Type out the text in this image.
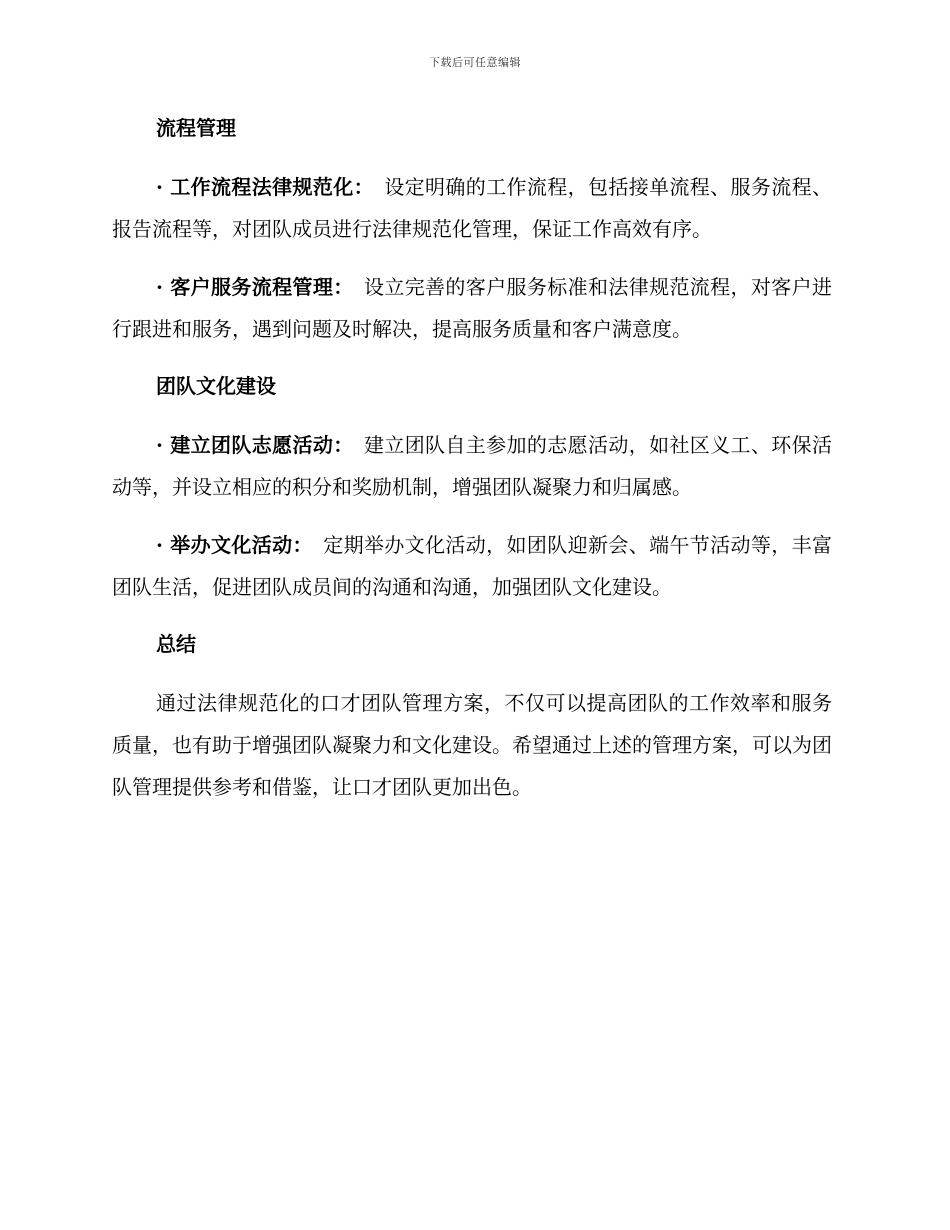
下载后可任意编辑
流程管理

· 工作流程法律规范化： 设定明确的工作流程，包括接单流程、服务流程、报告流程等，对团队成员进行法律规范化管理，保证工作高效有序。

· 客户服务流程管理： 设立完善的客户服务标准和法律规范流程，对客户进行跟进和服务，遇到问题及时解决，提高服务质量和客户满意度。

团队文化建设

· 建立团队志愿活动： 建立团队自主参加的志愿活动，如社区义工、环保活动等，并设立相应的积分和奖励机制，增强团队凝聚力和归属感。

· 举办文化活动： 定期举办文化活动，如团队迎新会、端午节活动等，丰富团队生活，促进团队成员间的沟通和沟通，加强团队文化建设。

总结

通过法律规范化的口才团队管理方案，不仅可以提高团队的工作效率和服务质量，也有助于增强团队凝聚力和文化建设。希望通过上述的管理方案，可以为团队管理提供参考和借鉴，让口才团队更加出色。
